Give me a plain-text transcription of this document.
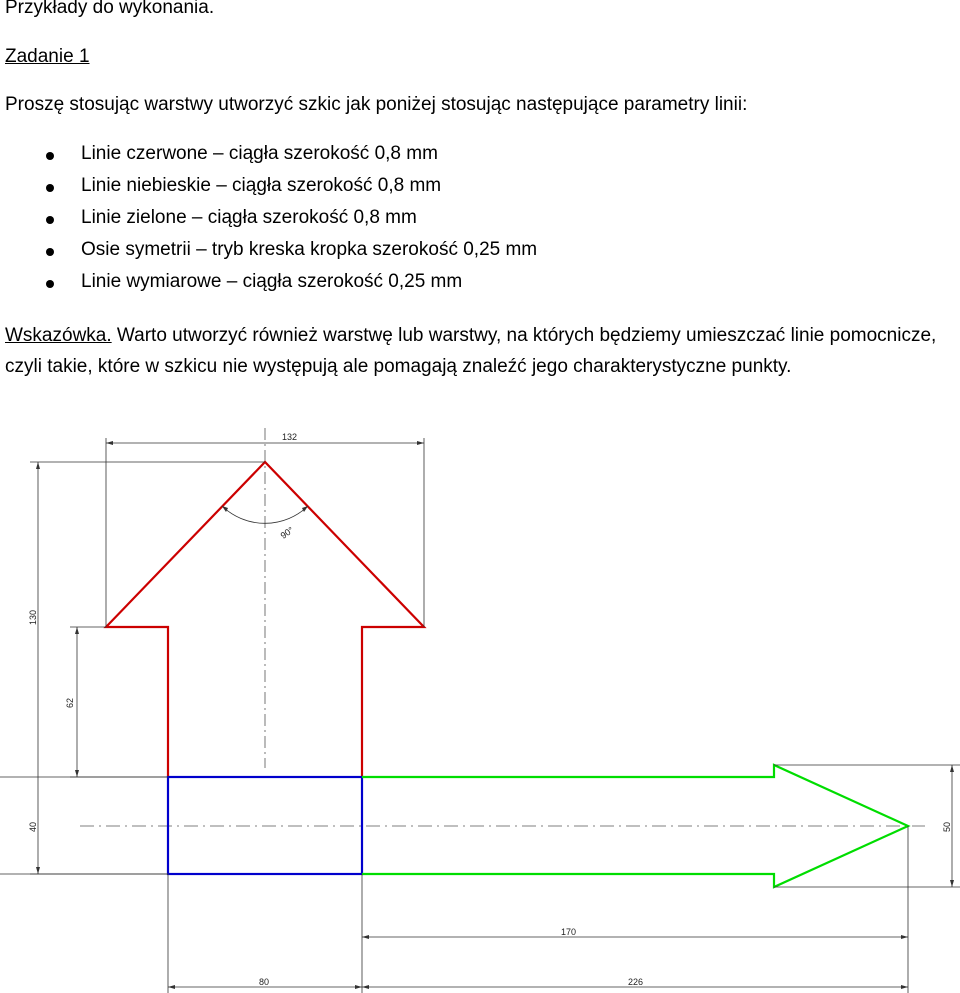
Przykłady do wykonania.
Zadanie 1
Proszę stosując warstwy utworzyć szkic jak poniżej stosując następujące parametry linii:
Linie czerwone – ciągła szerokość 0,8 mm
Linie niebieskie – ciągła szerokość 0,8 mm
Linie zielone – ciągła szerokość 0,8 mm
Osie symetrii – tryb kreska kropka szerokość 0,25 mm
Linie wymiarowe – ciągła szerokość 0,25 mm
Wskazówka. Warto utworzyć również warstwę lub warstwy, na których będziemy umieszczać linie pomocnicze, czyli takie, które w szkicu nie występują ale pomagają znaleźć jego charakterystyczne punkty.
132
90°
130
62
40	50
170
80	226
